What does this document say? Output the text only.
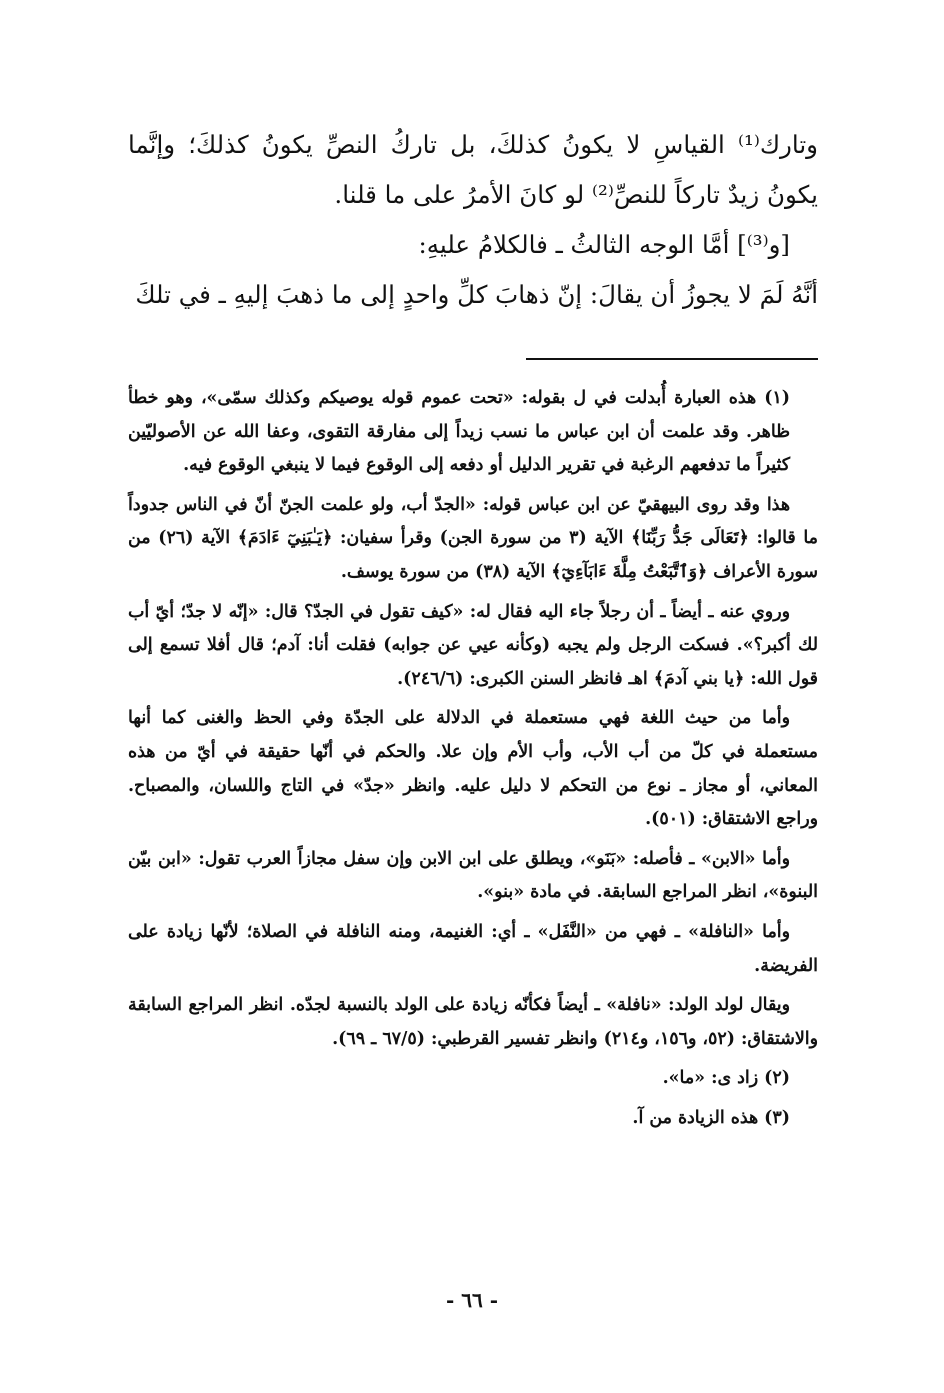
وتارك⁽¹⁾ القياسِ لا يكونُ كذلكَ، بل تاركُ النصِّ يكونُ كذلكَ؛ وإنَّما يكونُ زيدٌ تاركاً للنصِّ⁽²⁾ لو كانَ الأمرُ على ما قلنا.

[و⁽³⁾] أمَّا الوجه الثالثُ ـ فالكلامُ عليهِ:

أنَّهُ لَمَ لا يجوزُ أن يقالَ: إنّ ذهابَ كلِّ واحدٍ إلى ما ذهبَ إليهِ ـ في تلكَ

(١) هذه العبارة أُبدلت في ل بقوله: «تحت عموم قوله يوصيكم وكذلك سمّى»، وهو خطأ ظاهر. وقد علمت أن ابن عباس ما نسب زيداً إلى مفارقة التقوى، وعفا الله عن الأصوليّين كثيراً ما تدفعهم الرغبة في تقرير الدليل أو دفعه إلى الوقوع فيما لا ينبغي الوقوع فيه.

هذا وقد روى البيهقيّ عن ابن عباس قوله: «الجدّ أب، ولو علمت الجنّ أنّ في الناس جدوداً ما قالوا: ﴿تَعَالَى جَدُّ رَبِّنَا﴾ الآية (٣ من سورة الجن) وقرأ سفيان: ﴿يَـٰبَنِيٓ ءَادَمَ﴾ الآية (٢٦) من سورة الأعراف ﴿وَٱتَّبَعْتُ مِلَّةَ ءَابَآءِيٓ﴾ الآية (٣٨) من سورة يوسف.

وروي عنه ـ أيضاً ـ أن رجلاً جاء اليه فقال له: «كيف تقول في الجدّ؟ قال: «إنّه لا جدّ؛ أيّ أب لك أكبر؟». فسكت الرجل ولم يجبه (وكأنه عيي عن جوابه) فقلت أنا: آدم؛ قال أفلا تسمع إلى قول الله: ﴿يا بني آدمَ﴾ اهـ فانظر السنن الكبرى: (٢٤٦/٦).

وأما من حيث اللغة فهي مستعملة في الدلالة على الجدّة وفي الحظ والغنى كما أنها مستعملة في كلّ من أب الأب، وأب الأم وإن علا. والحكم في أنّها حقيقة في أيّ من هذه المعاني، أو مجاز ـ نوع من التحكم لا دليل عليه. وانظر «جدّ» في التاج واللسان، والمصباح. وراجع الاشتقاق: (٥٠١).

وأما «الابن» ـ فأصله: «بَنَو»، ويطلق على ابن الابن وإن سفل مجازاً العرب تقول: «ابن بيّن البنوة»، انظر المراجع السابقة. في مادة «بنو».

وأما «النافلة» ـ فهي من «النَّفَل» ـ أي: الغنيمة، ومنه النافلة في الصلاة؛ لأنّها زيادة على الفريضة.

ويقال لولد الولد: «نافلة» ـ أيضاً فكأنّه زيادة على الولد بالنسبة لجدّه. انظر المراجع السابقة والاشتقاق: (٥٢، و١٥٦، و٢١٤) وانظر تفسير القرطبي: (٦٧/٥ ـ ٦٩).

(٢) زاد ى: «ما».

(٣) هذه الزيادة من آ.

- ٦٦ -
